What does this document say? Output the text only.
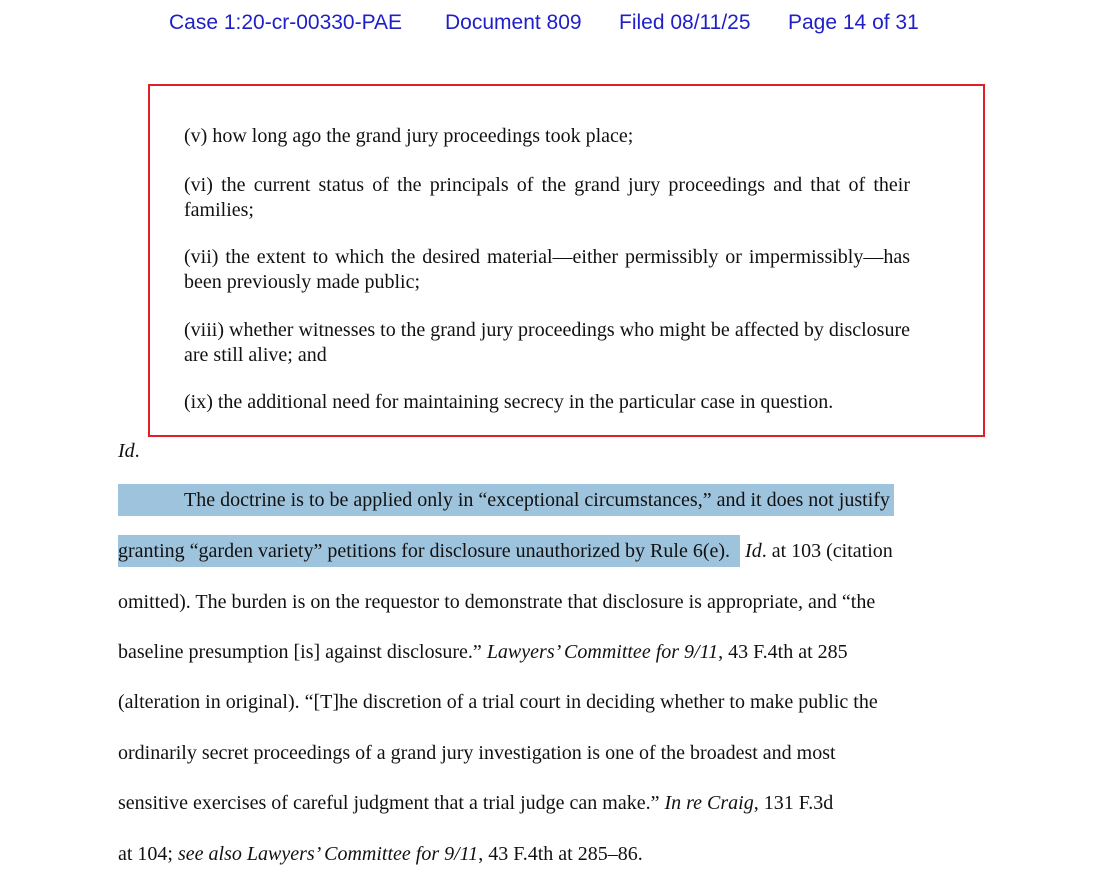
Case 1:20-cr-00330-PAE Document 809 Filed 08/11/25 Page 14 of 31
(v) how long ago the grand jury proceedings took place;
(vi) the current status of the principals of the grand jury proceedings and that of their families;
(vii) the extent to which the desired material—either permissibly or impermissibly—has been previously made public;
(viii) whether witnesses to the grand jury proceedings who might be affected by disclosure are still alive; and
(ix) the additional need for maintaining secrecy in the particular case in question.
Id.
The doctrine is to be applied only in “exceptional circumstances,” and it does not justify
granting “garden variety” petitions for disclosure unauthorized by Rule 6(e). Id. at 103 (citation
omitted). The burden is on the requestor to demonstrate that disclosure is appropriate, and “the
baseline presumption [is] against disclosure.” Lawyers’ Committee for 9/11, 43 F.4th at 285
(alteration in original). “[T]he discretion of a trial court in deciding whether to make public the
ordinarily secret proceedings of a grand jury investigation is one of the broadest and most
sensitive exercises of careful judgment that a trial judge can make.” In re Craig, 131 F.3d
at 104; see also Lawyers’ Committee for 9/11, 43 F.4th at 285–86.
